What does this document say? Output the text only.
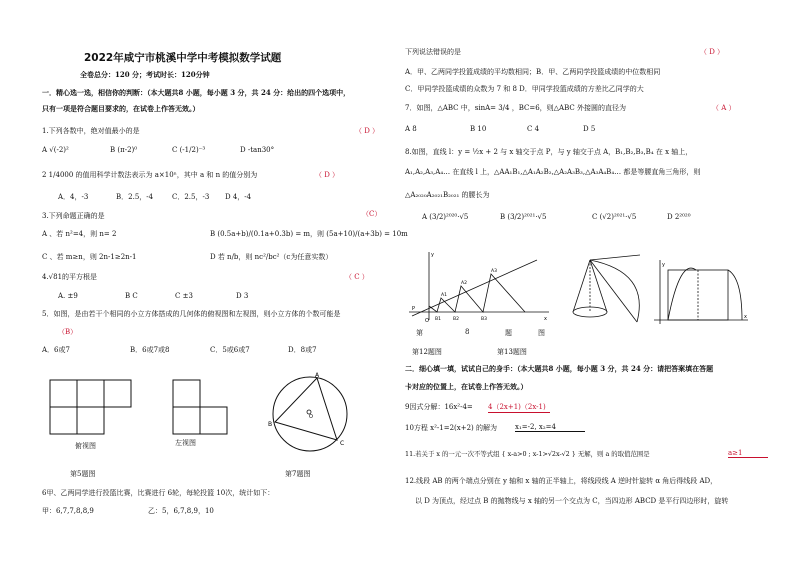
2022年咸宁市桃溪中学中考模拟数学试题
全卷总分：120 分；考试时长：120分钟
一．精心选一选，相信你的判断：（本大题共8 小题，每小题 3 分，共 24 分：给出的四个选项中，
只有一项是符合题目要求的，在试卷上作答无效。）
1.下列各数中，绝对值最小的是	（ D ）
A √(-2)²	B (π-2)⁰	C (-1/2)⁻³	D -tan30°
2 1/4000 的值用科学计数法表示为 a×10ⁿ，其中 a 和 n 的值分别为	（ D ）
A．4，-3	B．2.5，-4	C．2.5，-3 D 4，-4
3.下列命题正确的是	（C）
A 、若 n²=4，则 n= 2	B (0.5a+b)/(0.1a+0.3b) = m，则 (5a+10)/(a+3b) = 10m
C 、若 m≥n，则 2n-1≥2n-1	D 若 n/b，则 nc²/bc²（c为任意实数）
4.√81的平方根是	（ C ）
A. ±9	B C	C ±3	D 3
5．如图，是由若干个相同的小立方体搭成的几何体的俯视图和左视图，则小立方体的个数可能是
（B）
A．6或7	B．6或7或8	C．5或6或7	D．8或7
俯视图	左视图
第5题图
A
B
C
O
第7题图
6甲、乙两同学进行投篮比赛，比赛进行 6轮，每轮投篮 10次，统计如下：
甲：6,7,7,8,8,9	乙：5，6,7,8,9，10
下列说法错误的是	（ D ）
A．甲、乙两同学投篮成绩的平均数相同；B．甲、乙两同学投篮成绩的中位数相同
C．甲同学投篮成绩的众数为 7 和 8 D．甲同学投篮成绩的方差比乙同学的大
7．如图，△ABC 中，sinA= 3/4 ，BC=6，则△ABC 外接圆的直径为	（ A ）
A 8	B 10	C 4	D 5
8.如图，直线 l：y = ½x + 2 与 x 轴交于点 P，与 y 轴交于点 A，B₁,B₂,B₃,B₄ 在 x 轴上，
A₁,A₂,A₃,A₄… 在直线 l 上，△AA₁B₁,△A₁A₂B₂,△A₂A₃B₃,△A₃A₄B₄… 都是等腰直角三角形，则
△A₂₀₂₀A₂₀₂₁B₂₀₂₁ 的腰长为
A (3/2)²⁰²⁰·√5	B (3/2)²⁰²¹·√5	C (√2)²⁰²¹·√5	D 2²⁰²⁰
P
O
A1
A2
A3
B1	B2	B3	x
y
第	8	题	图
y
x
第12题图	第13题图
二．细心填一填，试试自己的身手：（本大题共8 小题，每小题 3 分，共 24 分：请把答案填在答题
卡对应的位置上，在试卷上作答无效。）
9因式分解：16x²-4= 4（2x+1)（2x-1)
10方程 x²-1=2(x+2) 的解为	x₁=-2, x₂=4
11.若关于 x 的一元一次不等式组 { x-a>0 ; x-1>√2x-√2 } 无解，则 a 的取值范围是	a≥1
12.线段 AB 的两个端点分别在 y 轴和 x 轴的正半轴上，将线段线 A 逆时针旋转 α 角后得线段 AD，
以 D 为顶点，经过点 B 的抛物线与 x 轴的另一个交点为 C，当四边形 ABCD 是平行四边形时，旋转
